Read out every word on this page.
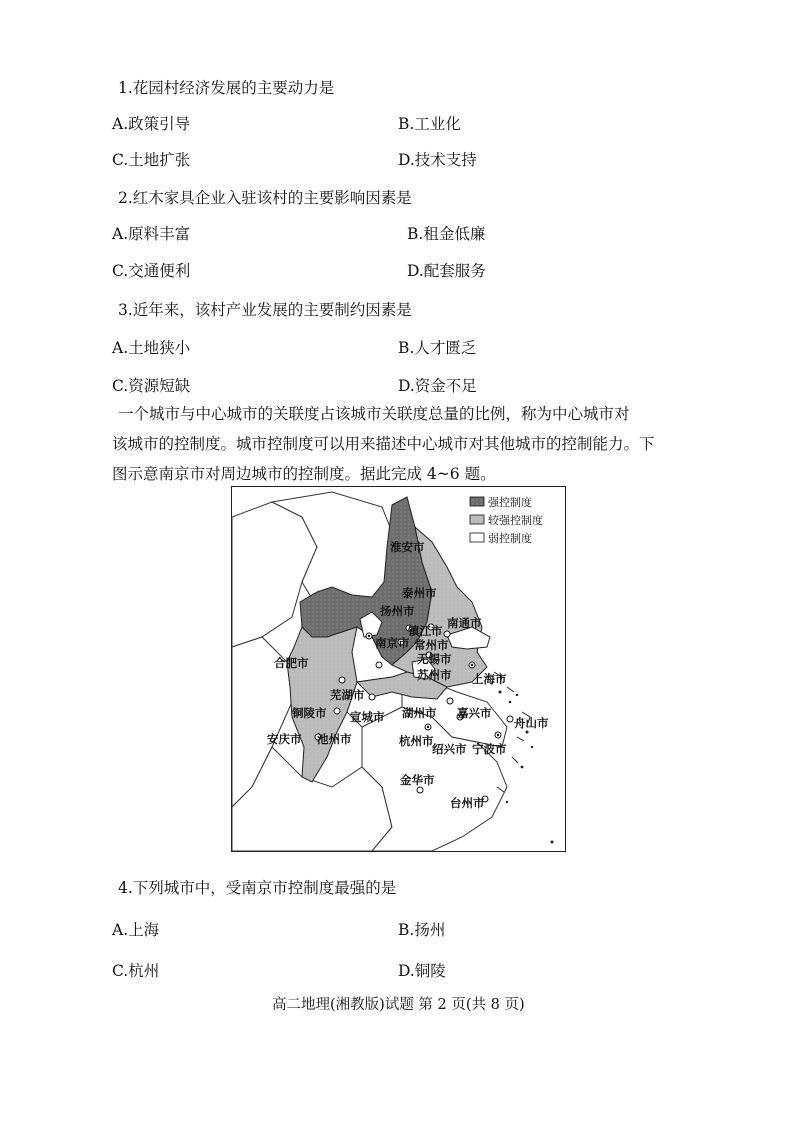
1.花园村经济发展的主要动力是
A.政策引导	B.工业化
C.土地扩张	D.技术支持
2.红木家具企业入驻该村的主要影响因素是
A.原料丰富	B.租金低廉
C.交通便利	D.配套服务
3.近年来，该村产业发展的主要制约因素是
A.土地狭小	B.人才匮乏
C.资源短缺	D.资金不足
一个城市与中心城市的关联度占该城市关联度总量的比例，称为中心城市对
该城市的控制度。城市控制度可以用来描述中心城市对其他城市的控制能力。下
图示意南京市对周边城市的控制度。据此完成 4~6 题。
淮安市
泰州市
南通市
扬州市
南京市
镇江市
常州市
无锡市
苏州市 上海市
合肥市
芜湖市
铜陵市 宣城市 湖州市 嘉兴市
舟山市
安庆市 池州市	杭州市
绍兴市 宁波市
金华市
台州市
强控制度
较强控制度
弱控制度
4.下列城市中，受南京市控制度最强的是
A.上海	B.扬州
C.杭州	D.铜陵
高二地理(湘教版)试题 第 2 页(共 8 页)
